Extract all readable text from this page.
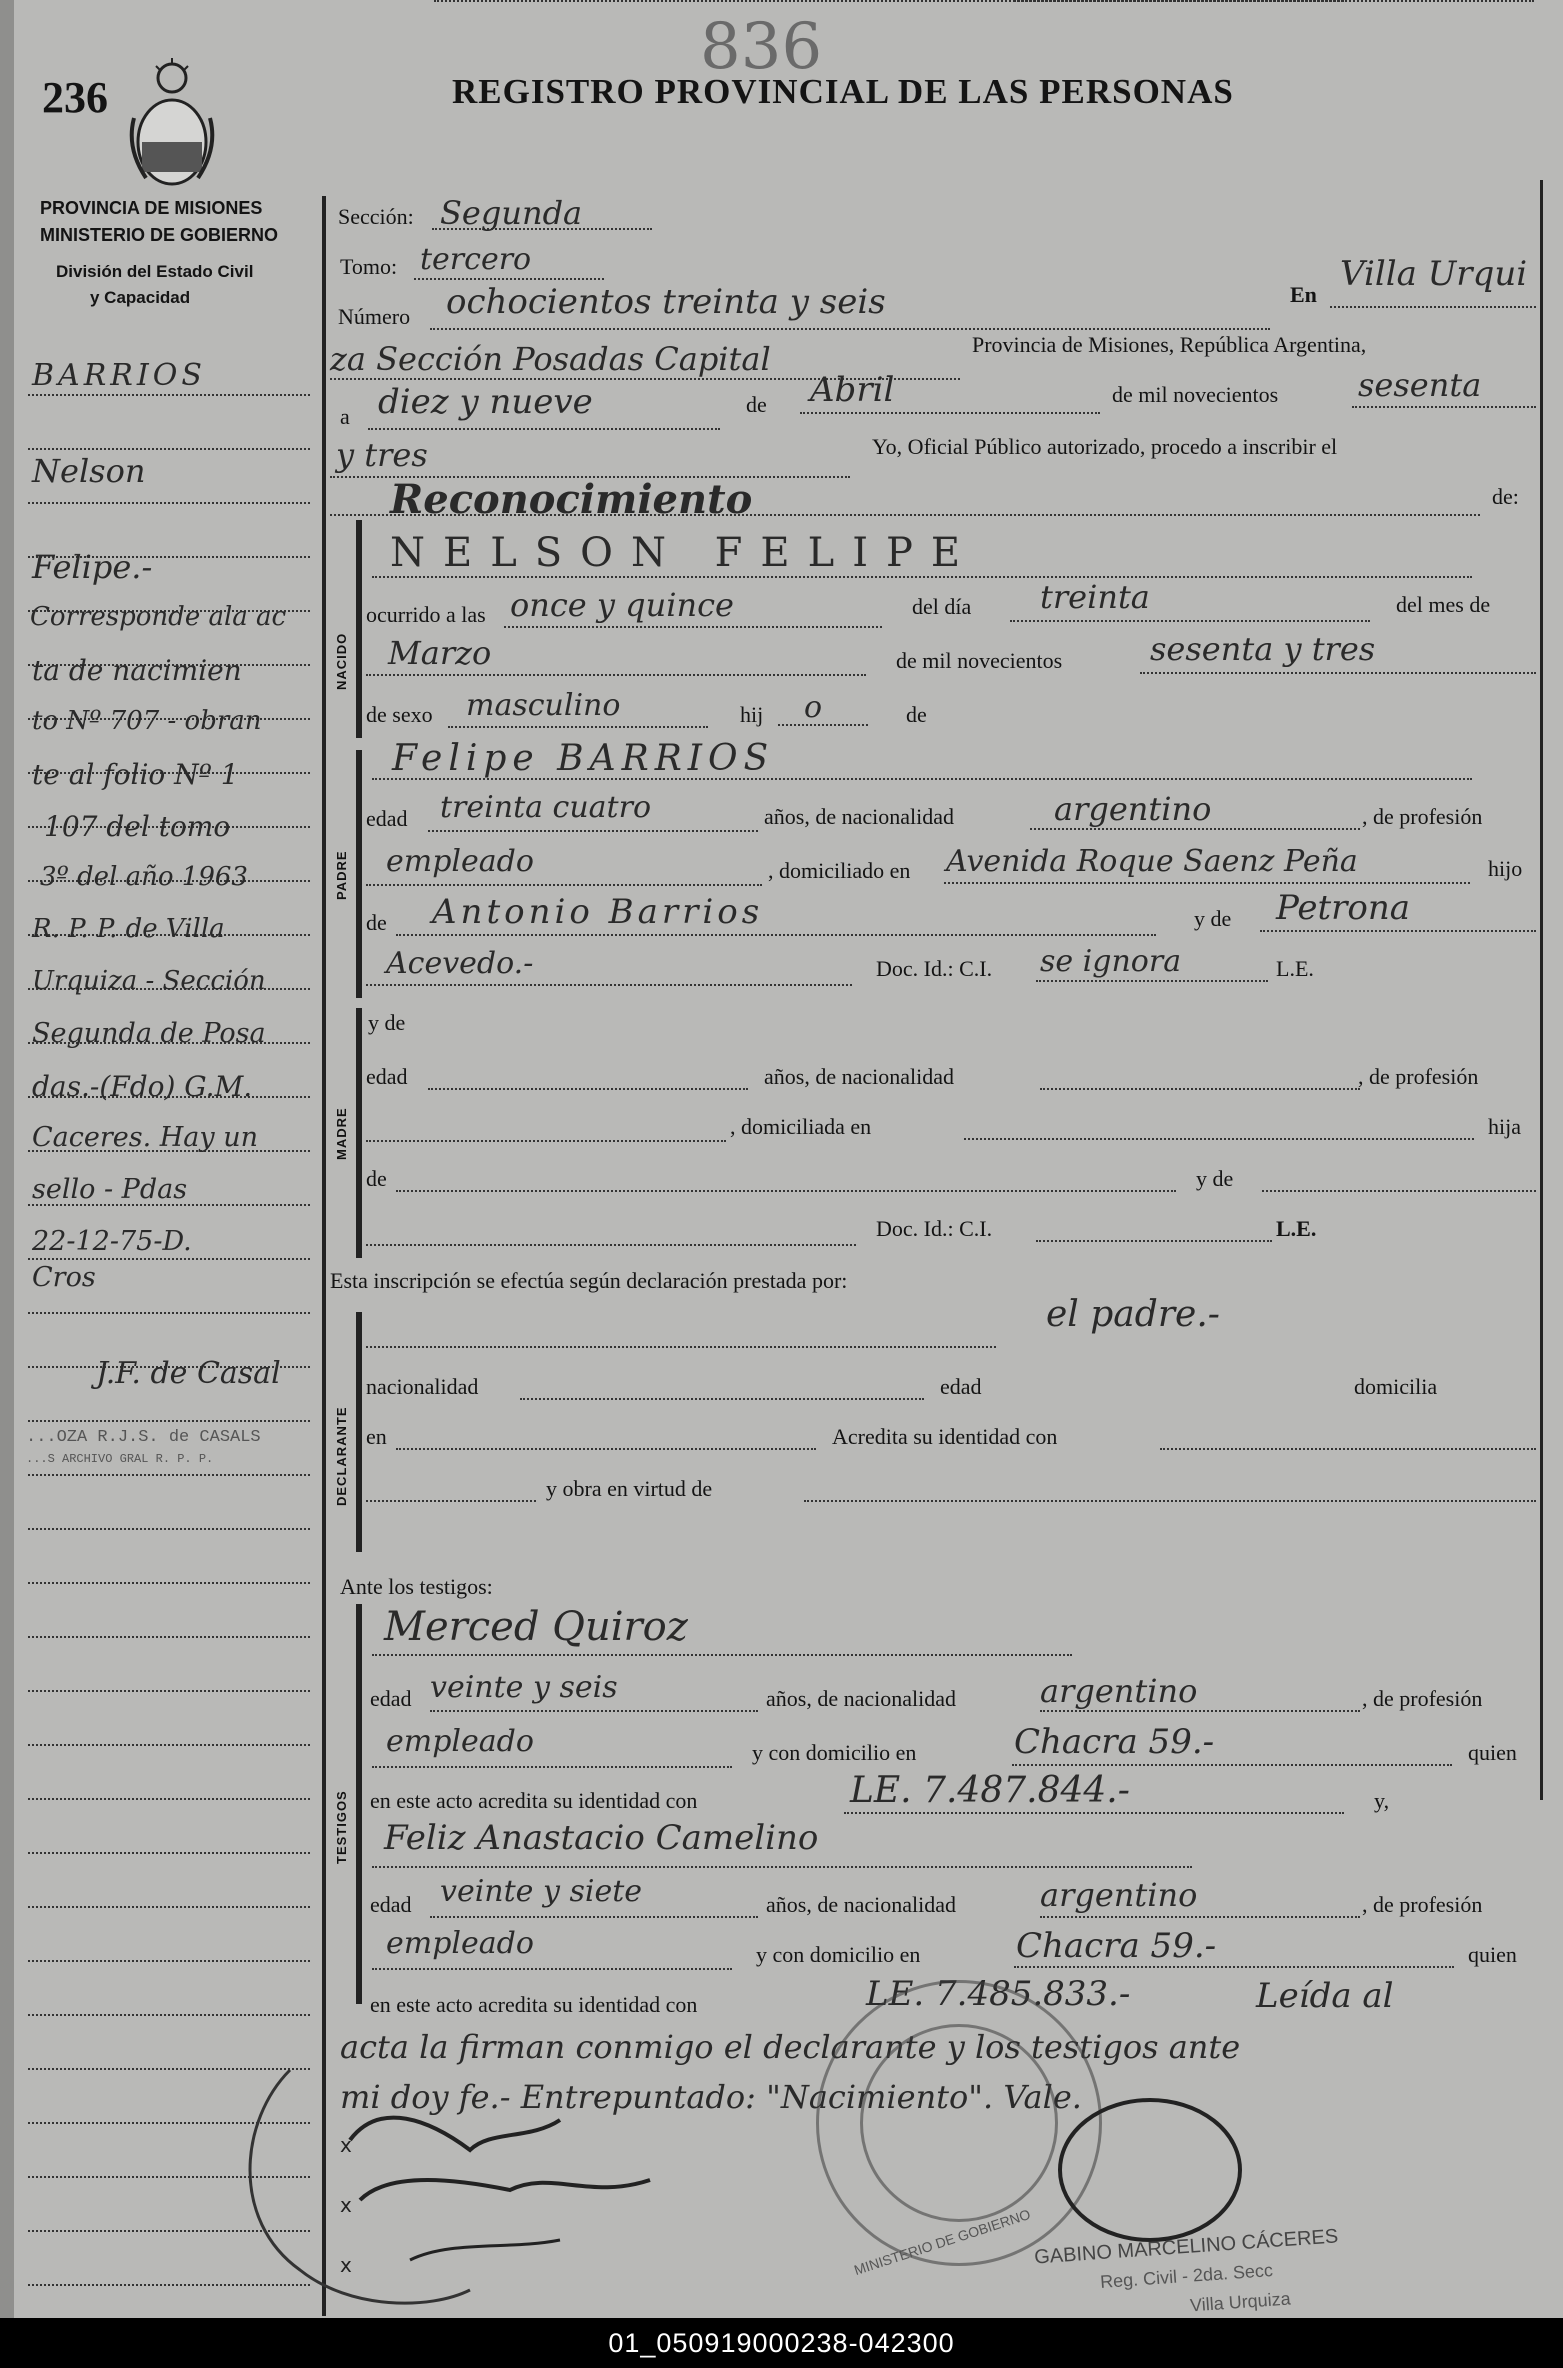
236
836
REGISTRO PROVINCIAL DE LAS PERSONAS
PROVINCIA DE MISIONES
MINISTERIO DE GOBIERNO
División del Estado Civil
y Capacidad
BARRIOS
Nelson
Felipe.-
Corresponde ala ac
ta de nacimien
to Nº 707 - obran
te al folio Nº 1
107 del tomo
3º del año 1963
R. P. P. de Villa
Urquiza - Sección
Segunda de Posa
das.-(Fdo) G.M.
Caceres. Hay un
sello - Pdas
22-12-75-D.
Cros
J.F. de Casal
...OZA R.J.S. de CASALS
...S ARCHIVO GRAL R. P. P.
Sección: Segunda
Tomo: tercero
Número ochocientos treinta y seis	En
Villa Urqui
za Sección Posadas Capital	Provincia de Misiones, República Argentina,
a diez y nueve	de Abril	de mil novecientos sesenta
y tres	Yo, Oficial Público autorizado, procedo a inscribir el
Reconocimiento	de:
NACIDO
NELSON FELIPE
ocurrido a las once y quince	del día treinta	del mes de
Marzo	de mil novecientos	sesenta y tres
de sexo masculino	hij o	de
PADRE
Felipe BARRIOS
edad treinta cuatro	años, de nacionalidad	argentino	, de profesión
empleado	, domiciliado en Avenida Roque Saenz Peña	hijo
de Antonio Barrios	y de Petrona
Acevedo.-	Doc. Id.: C.I. se ignora	L.E.
MADRE
y de
edad	años, de nacionalidad	, de profesión
, domiciliada en	hija
de	y de
Doc. Id.: C.I.	L.E.
Esta inscripción se efectúa según declaración prestada por:
el padre.-
DECLARANTE
nacionalidad	edad	domicilia
en	Acredita su identidad con
y obra en virtud de
Ante los testigos:
TESTIGOS
Merced Quiroz
edad veinte y seis	años, de nacionalidad	argentino	, de profesión
empleado	y con domicilio en	Chacra 59.-	quien
en este acto acredita su identidad con	LE. 7.487.844.-	y,
Feliz Anastacio Camelino
edad veinte y siete	años, de nacionalidad	argentino	, de profesión
empleado	y con domicilio en	Chacra 59.-	quien
en este acto acredita su identidad con	LE. 7.485.833.-	Leída al
acta la firman conmigo el declarante y los testigos ante
mi doy fe.- Entrepuntado: "Nacimiento". Vale.
x
x
x	MINISTERIO DE GOBIERNO GABINO MARCELINO CÁCERES
Reg. Civil - 2da. Secc
Villa Urquiza
01_050919000238-042300
